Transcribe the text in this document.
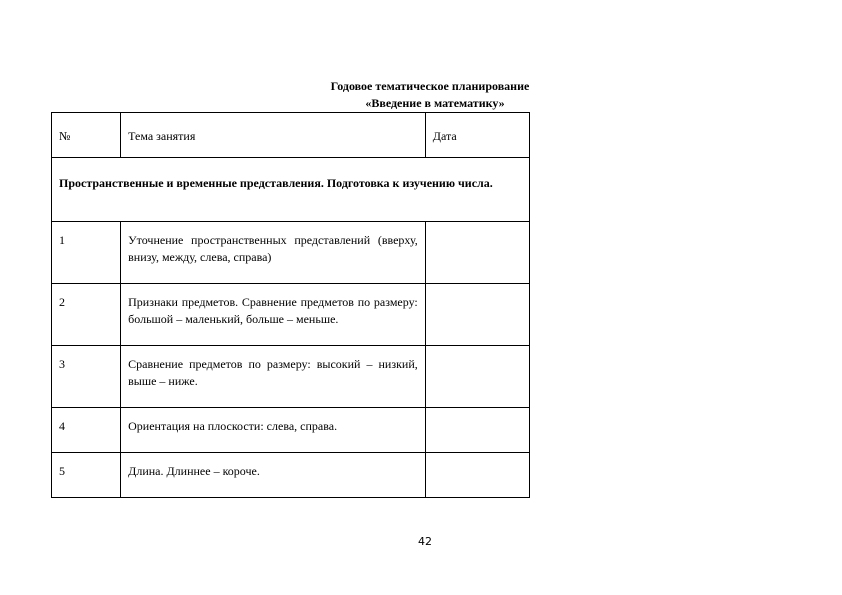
Годовое тематическое планирование
«Введение в математику»
№	Тема занятия	Дата

Пространственные и временные представления. Подготовка к изучению числа.		

1	Уточнение пространственных представлений (вверху, внизу, между, слева, справа)	

2	Признаки предметов. Сравнение предметов по размеру: большой – маленький, больше – меньше.	

3	Сравнение предметов по размеру: высокий – низкий, выше – ниже.	

4	Ориентация на плоскости: слева, справа.	

5	Длина. Длиннее – короче.	

42
